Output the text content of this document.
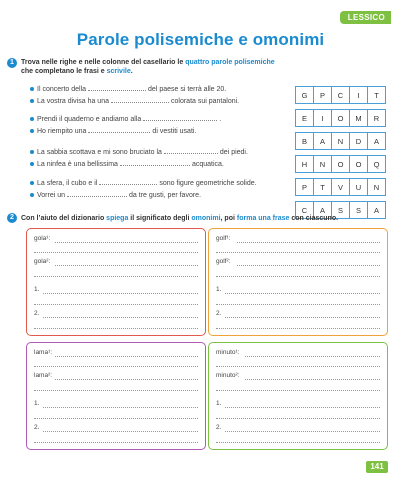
LESSICO
Parole polisemiche e omonimi
1	Trova nelle righe e nelle colonne del casellario le quattro parole polisemiche
che completano le frasi e scrivile.
Il concerto della	del paese si terrà alle 20.
La vostra divisa ha una	colorata sui pantaloni.
Prendi il quaderno e andiamo alla	.
Ho riempito una	di vestiti usati.
La sabbia scottava e mi sono bruciato la	dei piedi.
La ninfea è una bellissima	acquatica.
La sfera, il cubo e il	sono figure geometriche solide.
Vorrei un	da tre gusti, per favore.
G	P	C	I	T

E	I	O	M	R

B	A	N	D	A

H	N	O	O	Q

P	T	V	U	N

C	A	S	S	A
2	Con l’aiuto del dizionario spiega il significato degli omonimi, poi forma una frase con ciascuno.
gola¹:
gola²:
1.
2.
golf¹:
golf²:
1.
2.
lama¹:
lama²:
1.
2.
minuto¹:
minuto²:
1.
2.
141
